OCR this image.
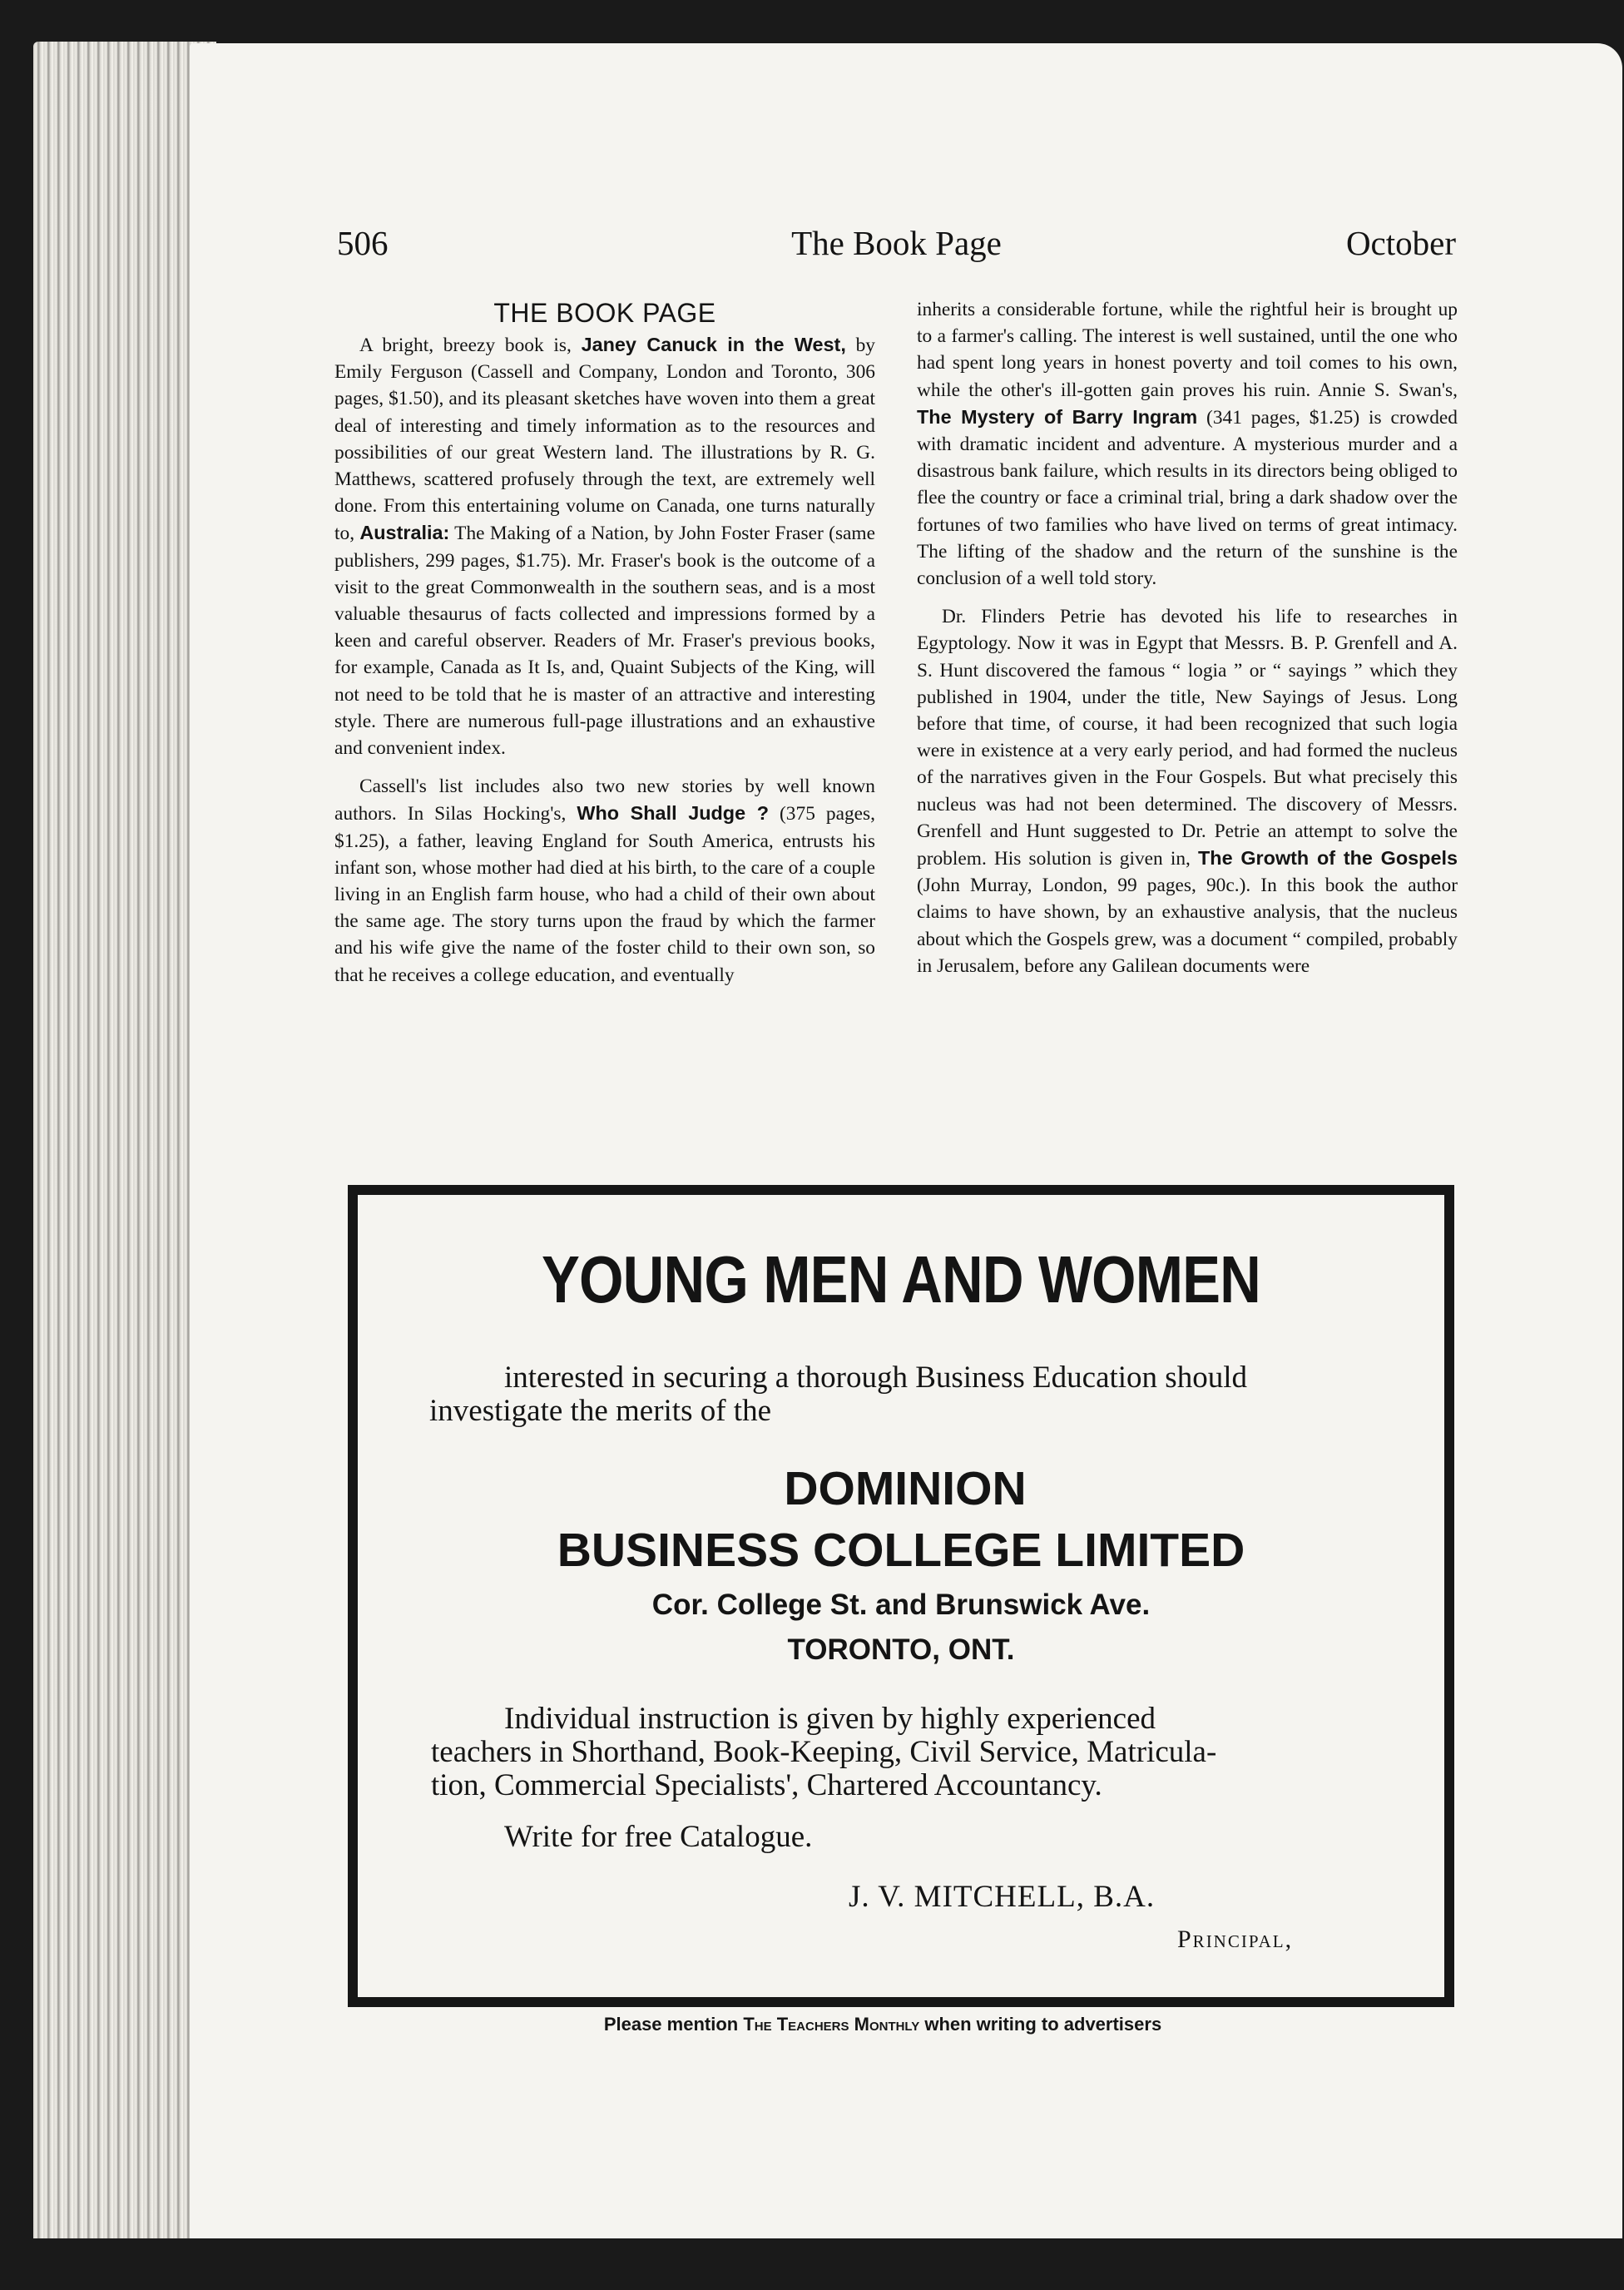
506	The Book Page	October
THE BOOK PAGE

A bright, breezy book is, Janey Canuck in the West, by Emily Ferguson (Cassell and Company, London and Toronto, 306 pages, $1.50), and its pleasant sketches have woven into them a great deal of interesting and timely information as to the resources and possibilities of our great Western land. The illustrations by R. G. Matthews, scattered profusely through the text, are extremely well done. From this entertaining volume on Canada, one turns naturally to, Australia: The Making of a Nation, by John Foster Fraser (same publishers, 299 pages, $1.75). Mr. Fraser's book is the outcome of a visit to the great Commonwealth in the southern seas, and is a most valuable thesaurus of facts collected and impressions formed by a keen and careful observer. Readers of Mr. Fraser's previous books, for example, Canada as It Is, and, Quaint Subjects of the King, will not need to be told that he is master of an attractive and interesting style. There are numerous full-page illustrations and an exhaustive and convenient index.

Cassell's list includes also two new stories by well known authors. In Silas Hocking's, Who Shall Judge ? (375 pages, $1.25), a father, leaving England for South America, entrusts his infant son, whose mother had died at his birth, to the care of a couple living in an English farm house, who had a child of their own about the same age. The story turns upon the fraud by which the farmer and his wife give the name of the foster child to their own son, so that he receives a college education, and eventually

inherits a considerable fortune, while the rightful heir is brought up to a farmer's calling. The interest is well sustained, until the one who had spent long years in honest poverty and toil comes to his own, while the other's ill-gotten gain proves his ruin. Annie S. Swan's, The Mystery of Barry Ingram (341 pages, $1.25) is crowded with dramatic incident and adventure. A mysterious murder and a disastrous bank failure, which results in its directors being obliged to flee the country or face a criminal trial, bring a dark shadow over the fortunes of two families who have lived on terms of great intimacy. The lifting of the shadow and the return of the sunshine is the conclusion of a well told story.

Dr. Flinders Petrie has devoted his life to researches in Egyptology. Now it was in Egypt that Messrs. B. P. Grenfell and A. S. Hunt discovered the famous “ logia ” or “ sayings ” which they published in 1904, under the title, New Sayings of Jesus. Long before that time, of course, it had been recognized that such logia were in existence at a very early period, and had formed the nucleus of the narratives given in the Four Gospels. But what precisely this nucleus was had not been determined. The discovery of Messrs. Grenfell and Hunt suggested to Dr. Petrie an attempt to solve the problem. His solution is given in, The Growth of the Gospels (John Murray, London, 99 pages, 90c.). In this book the author claims to have shown, by an exhaustive analysis, that the nucleus about which the Gospels grew, was a document “ compiled, probably in Jerusalem, before any Galilean documents were

YOUNG MEN AND WOMEN
interested in securing a thorough Business Education should
investigate the merits of the
DOMINION
BUSINESS COLLEGE LIMITED
Cor. College St. and Brunswick Ave.
TORONTO, ONT.
Individual instruction is given by highly experienced
teachers in Shorthand, Book-Keeping, Civil Service, Matricula-
tion, Commercial Specialists', Chartered Accountancy.
Write for free Catalogue.
J. V. MITCHELL, B.A.
Principal,
Please mention The Teachers Monthly when writing to advertisers
